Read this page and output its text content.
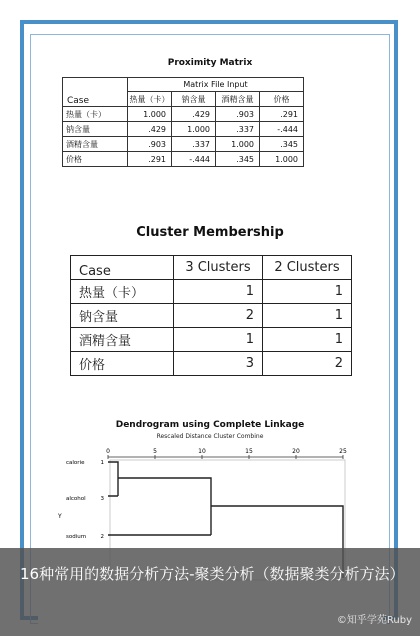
Proximity Matrix
Case	Matrix File Input			
	热量（卡）	钠含量	酒精含量	价格
热量（卡）	1.000	.429	.903	.291
钠含量	.429	1.000	.337	-.444
酒精含量	.903	.337	1.000	.345
价格	.291	-.444	.345	1.000
Cluster Membership
Case	3 Clusters	2 Clusters
热量（卡）	1	1
钠含量	2	1
酒精含量	1	1
价格	3	2
Dendrogram using Complete Linkage
Rescaled Distance Cluster Combine
0	5	10	15	20	25
calorie	1
alcohol	3
sodium	2
Y
16种常用的数据分析方法-聚类分析（数据聚类分析方法）
©知乎学苑Ruby
